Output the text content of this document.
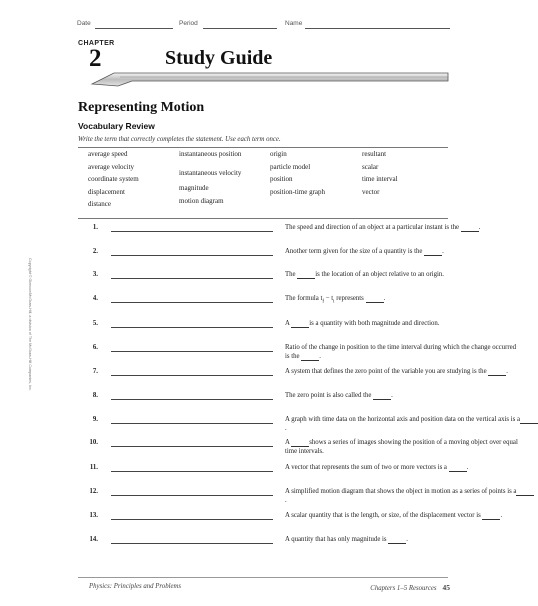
Date	Period	Name
CHAPTER
2	Study Guide
Representing Motion
Vocabulary Review
Write the term that correctly completes the statement. Use each term once.
average speed
average velocity
coordinate system
displacement
distance
instantaneous position
instantaneous velocity
magnitude
motion diagram
origin
particle model
position
position-time graph
resultant
scalar
time interval
vector
1.	The speed and direction of an object at a particular instant is the	.
2.	Another term given for the size of a quantity is the	.
3.	The	is the location of an object relative to an origin.
4.	The formula $t_f - t_i$ represents	.
5.	A	is a quantity with both magnitude and direction.
6.	Ratio of the change in position to the time interval during which the change occurred is the	.
7.	A system that defines the zero point of the variable you are studying is the	.
8.	The zero point is also called the	.
9.	A graph with time data on the horizontal axis and position data on the vertical axis is a .
10.	A	shows a series of images showing the position of a moving object over equal time intervals.
11.	A vector that represents the sum of two or more vectors is a	.
12.	A simplified motion diagram that shows the object in motion as a series of points is a .
13.	A scalar quantity that is the length, or size, of the displacement vector is	.
14.	A quantity that has only magnitude is	.
Copyright © Glencoe/McGraw-Hill, a division of The McGraw-Hill Companies, Inc.
Physics: Principles and Problems	Chapters 1–5 Resources 45
